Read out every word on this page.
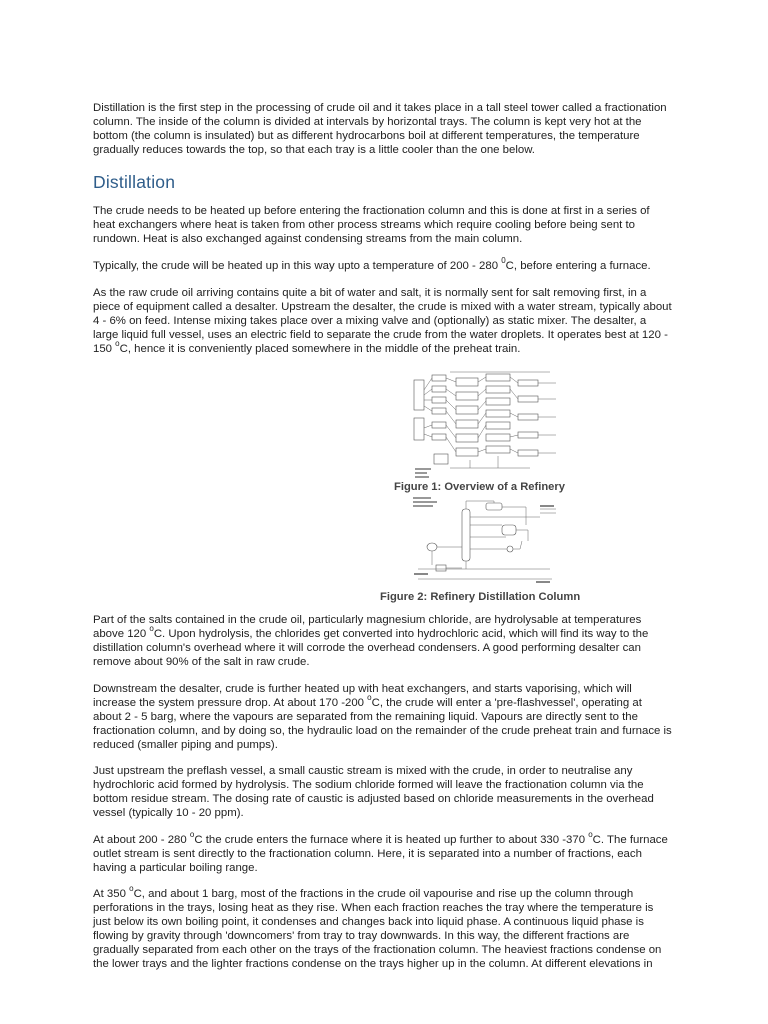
Distillation is the first step in the processing of crude oil and it takes place in a tall steel tower called a fractionation column. The inside of the column is divided at intervals by horizontal trays. The column is kept very hot at the bottom (the column is insulated) but as different hydrocarbons boil at different temperatures, the temperature gradually reduces towards the top, so that each tray is a little cooler than the one below.

Distillation

The crude needs to be heated up before entering the fractionation column and this is done at first in a series of heat exchangers where heat is taken from other process streams which require cooling before being sent to rundown. Heat is also exchanged against condensing streams from the main column.

Typically, the crude will be heated up in this way upto a temperature of 200 - 280 $^0$C, before entering a furnace.

As the raw crude oil arriving contains quite a bit of water and salt, it is normally sent for salt removing first, in a piece of equipment called a desalter. Upstream the desalter, the crude is mixed with a water stream, typically about 4 - 6% on feed. Intense mixing takes place over a mixing valve and (optionally) as static mixer. The desalter, a large liquid full vessel, uses an electric field to separate the crude from the water droplets. It operates best at 120 - 150 $^o$C, hence it is conveniently placed somewhere in the middle of the preheat train.

Part of the salts contained in the crude oil, particularly magnesium chloride, are hydrolysable at temperatures above 120 $^o$C. Upon hydrolysis, the chlorides get converted into hydrochloric acid, which will find its way to the distillation column's overhead where it will corrode the overhead condensers. A good performing desalter can remove about 90% of the salt in raw crude.

Downstream the desalter, crude is further heated up with heat exchangers, and starts vaporising, which will increase the system pressure drop. At about 170 -200 $^o$C, the crude will enter a 'pre-flashvessel', operating at about 2 - 5 barg, where the vapours are separated from the remaining liquid. Vapours are directly sent to the fractionation column, and by doing so, the hydraulic load on the remainder of the crude preheat train and furnace is reduced (smaller piping and pumps).

Just upstream the preflash vessel, a small caustic stream is mixed with the crude, in order to neutralise any hydrochloric acid formed by hydrolysis. The sodium chloride formed will leave the fractionation column via the bottom residue stream. The dosing rate of caustic is adjusted based on chloride measurements in the overhead vessel (typically 10 - 20 ppm).

At about 200 - 280 $^o$C the crude enters the furnace where it is heated up further to about 330 -370 $^o$C. The furnace outlet stream is sent directly to the fractionation column. Here, it is separated into a number of fractions, each having a particular boiling range.

At 350 $^o$C, and about 1 barg, most of the fractions in the crude oil vapourise and rise up the column through perforations in the trays, losing heat as they rise. When each fraction reaches the tray where the temperature is just below its own boiling point, it condenses and changes back into liquid phase. A continuous liquid phase is flowing by gravity through 'downcomers' from tray to tray downwards. In this way, the different fractions are gradually separated from each other on the trays of the fractionation column. The heaviest fractions condense on the lower trays and the lighter fractions condense on the trays higher up in the column. At different elevations in

Figure 1: Overview of a Refinery
Figure 2: Refinery Distillation Column
